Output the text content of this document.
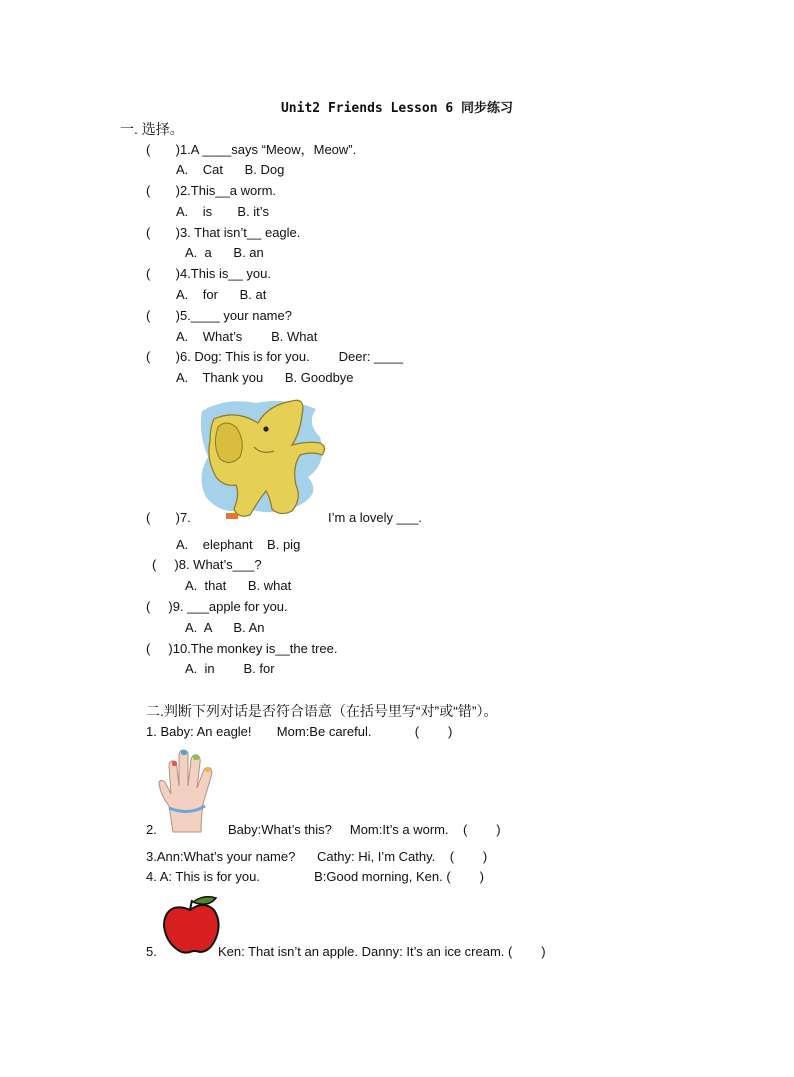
Unit2 Friends Lesson 6 同步练习
一. 选择。
(       )1.A ____says “Meow，Meow”.
A.    Cat      B. Dog
(       )2.This__a worm.
A.    is       B. it’s
(       )3. That isn’t__ eagle.
A.  a      B. an
(       )4.This is__ you.
A.    for      B. at
(       )5.____ your name?
A.    What’s        B. What
(       )6. Dog: This is for you.        Deer: ____
A.    Thank you      B. Goodbye
(       )7.	I’m a lovely ___.
A.    elephant    B. pig
(     )8. What’s___?
A.  that      B. what
(     )9. ___apple for you.
A.  A      B. An
(     )10.The monkey is__the tree.
A.  in        B. for
二.判断下列对话是否符合语意（在括号里写“对”或“错”）。
1. Baby: An eagle!       Mom:Be careful.            (        )
2.	Baby:What’s this?     Mom:It’s a worm.    (        )
3.Ann:What’s your name?      Cathy: Hi, I’m Cathy.    (        )
4. A: This is for you.               B:Good morning, Ken. (        )
5.	Ken: That isn’t an apple. Danny: It’s an ice cream. (        )
